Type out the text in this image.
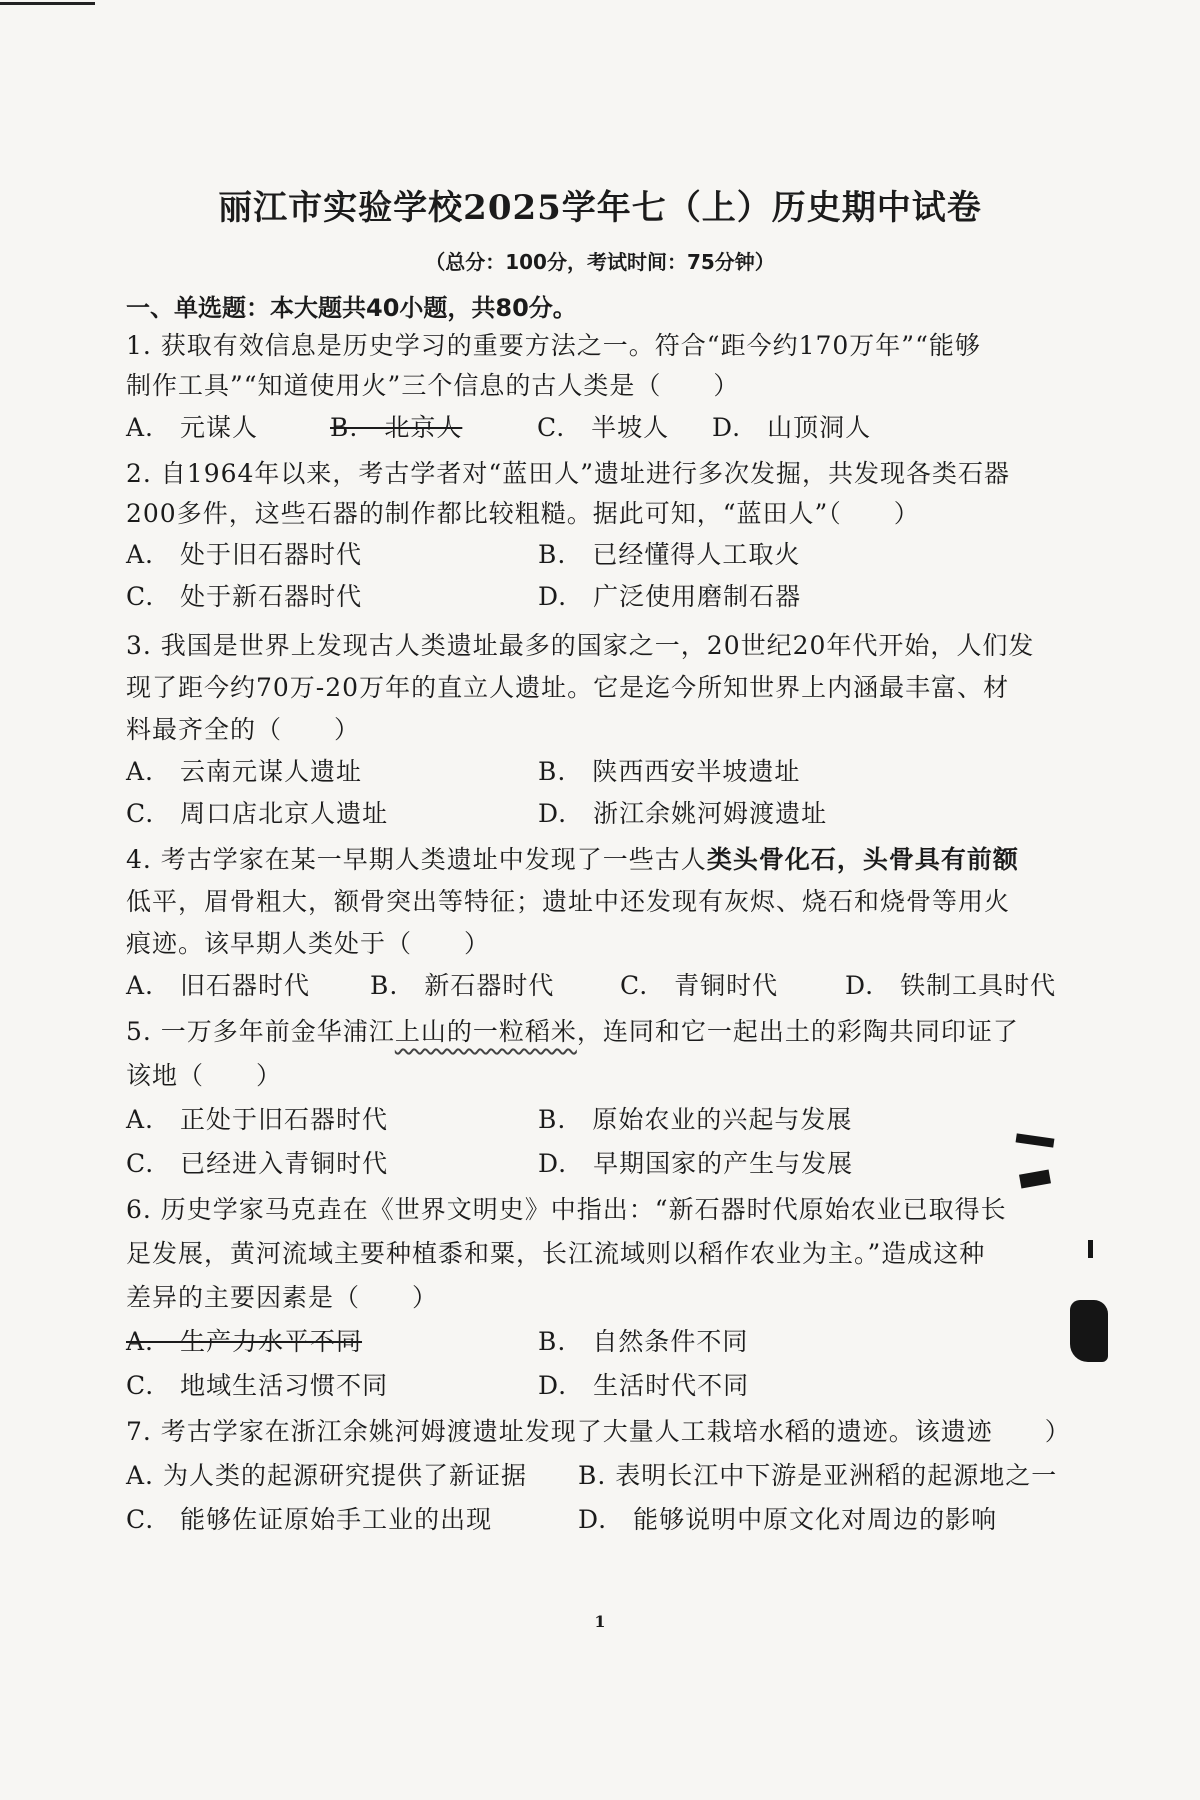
丽江市实验学校2025学年七（上）历史期中试卷
（总分：100分，考试时间：75分钟）
一、单选题：本大题共40小题，共80分。
1. 获取有效信息是历史学习的重要方法之一。符合“距今约170万年”“能够
制作工具”“知道使用火”三个信息的古人类是（　　）
A.　元谋人	B.　北京人	C.　半坡人 D.　山顶洞人
2. 自1964年以来，考古学者对“蓝田人”遗址进行多次发掘，共发现各类石器
200多件，这些石器的制作都比较粗糙。据此可知，“蓝田人”（　　）
A.　处于旧石器时代	B.　已经懂得人工取火
C.　处于新石器时代	D.　广泛使用磨制石器
3. 我国是世界上发现古人类遗址最多的国家之一，20世纪20年代开始，人们发
现了距今约70万-20万年的直立人遗址。它是迄今所知世界上内涵最丰富、材
料最齐全的（　　）
A.　云南元谋人遗址	B.　陕西西安半坡遗址
C.　周口店北京人遗址	D.　浙江余姚河姆渡遗址
4. 考古学家在某一早期人类遗址中发现了一些古人类头骨化石，头骨具有前额
低平，眉骨粗大，额骨突出等特征；遗址中还发现有灰烬、烧石和烧骨等用火
痕迹。该早期人类处于（　　）
A.　旧石器时代 B.　新石器时代	C.　青铜时代	D.　铁制工具时代
5. 一万多年前金华浦江上山的一粒稻米，连同和它一起出土的彩陶共同印证了
该地（　　）
A.　正处于旧石器时代	B.　原始农业的兴起与发展
C.　已经进入青铜时代	D.　早期国家的产生与发展
6. 历史学家马克垚在《世界文明史》中指出：“新石器时代原始农业已取得长
足发展，黄河流域主要种植黍和粟，长江流域则以稻作农业为主。”造成这种
差异的主要因素是（　　）
A.　生产力水平不同	B.　自然条件不同
C.　地域生活习惯不同	D.　生活时代不同
7. 考古学家在浙江余姚河姆渡遗址发现了大量人工栽培水稻的遗迹。该遗迹　　）
A. 为人类的起源研究提供了新证据 B. 表明长江中下游是亚洲稻的起源地之一
C.　能够佐证原始手工业的出现	D.　能够说明中原文化对周边的影响
1
